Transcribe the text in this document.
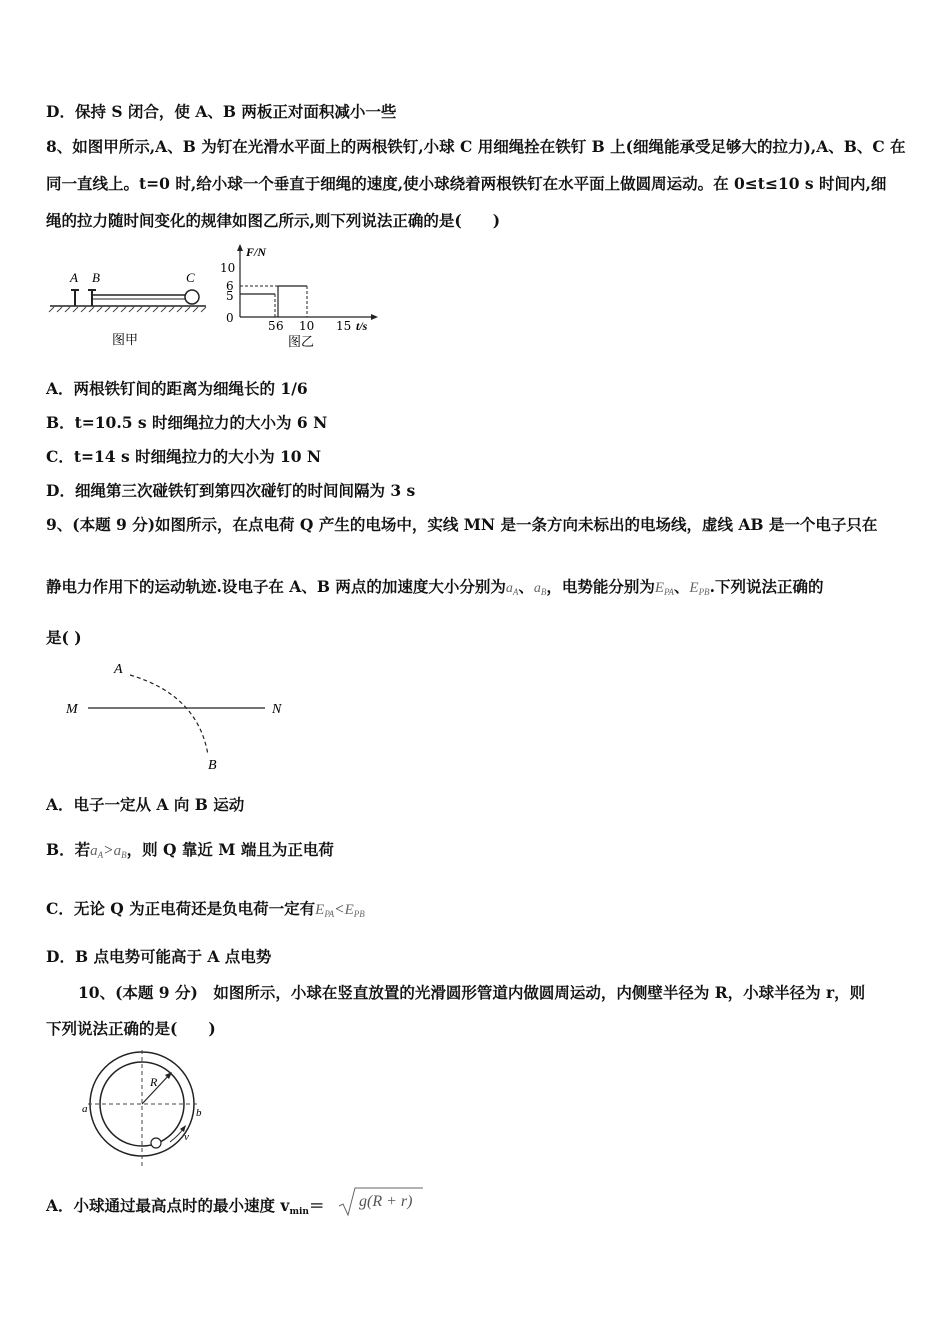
D．保持 S 闭合，使 A、B 两板正对面积减小一些
8、如图甲所示,A、B 为钉在光滑水平面上的两根铁钉,小球 C 用细绳拴在铁钉 B 上(细绳能承受足够大的拉力),A、B、C 在
同一直线上。t=0 时,给小球一个垂直于细绳的速度,使小球绕着两根铁钉在水平面上做圆周运动。在 0≤t≤10 s 时间内,细
绳的拉力随时间变化的规律如图乙所示,则下列说法正确的是(　　)
A B	C
图甲
F/N
t/s
10
6
5
0
5 6 10 15
图乙
A．两根铁钉间的距离为细绳长的 1/6
B．t=10.5 s 时细绳拉力的大小为 6 N
C．t=14 s 时细绳拉力的大小为 10 N
D．细绳第三次碰铁钉到第四次碰钉的时间间隔为 3 s
9、(本题 9 分)如图所示，在点电荷 Q 产生的电场中，实线 MN 是一条方向未标出的电场线，虚线 AB 是一个电子只在
静电力作用下的运动轨迹.设电子在 A、B 两点的加速度大小分别为$a_A$、$a_B$，电势能分别为$E_{PA}$、$E_{PB}$.下列说法正确的
是( )
A
B
M	N
A．电子一定从 A 向 B 运动
B．若$a_A>a_B$，则 Q 靠近 M 端且为正电荷
C．无论 Q 为正电荷还是负电荷一定有$E_{PA}<E_{PB}$
D．B 点电势可能高于 A 点电势
10、(本题 9 分)　如图所示，小球在竖直放置的光滑圆形管道内做圆周运动，内侧壁半径为 R，小球半径为 r，则
下列说法正确的是(　　)
R
a	b
v
A．小球通过最高点时的最小速度 $v_{min}= g(R + r)$
